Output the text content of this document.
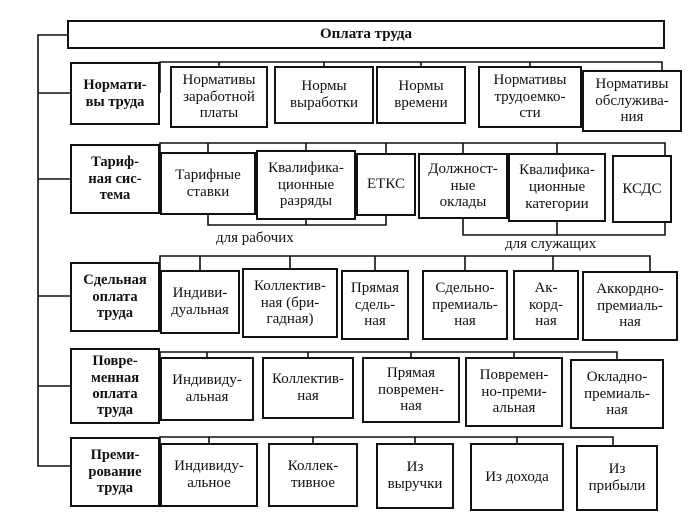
Оплата труда
Нормати-
вы труда
Нормативы
заработной
платы
Нормы
выработки
Нормы
времени
Нормативы
трудоемко-
сти
Нормативы
обслужива-
ния
Тариф-
ная сис-
тема
Тарифные
ставки
Квалифика-
ционные
разряды
ЕТКС
Должност-
ные
оклады
Квалифика-
ционные
категории
КСДС
для рабочих	для служащих
Сдельная
оплата
труда
Индиви-
дуальная
Коллектив-
ная (бри-
гадная)
Прямая
сдель-
ная
Сдельно-
премиаль-
ная
Ак-
корд-
ная
Аккордно-
премиаль-
ная
Повре-
менная
оплата
труда
Индивиду-
альная
Коллектив-
ная
Прямая
повремен-
ная
Повремен-
но-преми-
альная
Окладно-
премиаль-
ная
Преми-
рование
труда
Индивиду-
альное
Коллек-
тивное
Из
выручки	Из дохода	Из
прибыли
